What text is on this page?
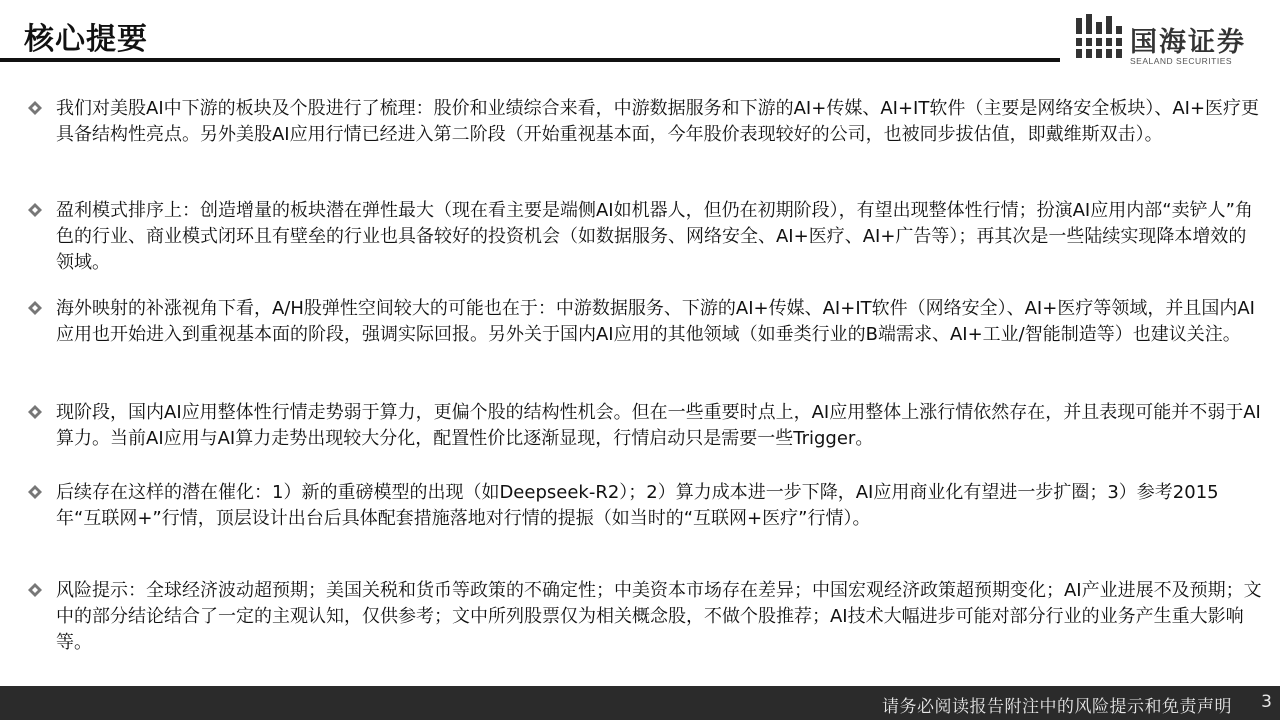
核心提要	国海证券
SEALAND SECURITIES
我们对美股AI中下游的板块及个股进行了梳理：股价和业绩综合来看，中游数据服务和下游的AI+传媒、AI+IT软件（主要是网络安全板块）、AI+医疗更具备结构性亮点。另外美股AI应用行情已经进入第二阶段（开始重视基本面，今年股价表现较好的公司，也被同步拔估值，即戴维斯双击）。
盈利模式排序上：创造增量的板块潜在弹性最大（现在看主要是端侧AI如机器人，但仍在初期阶段），有望出现整体性行情；扮演AI应用内部“卖铲人”角色的行业、商业模式闭环且有壁垒的行业也具备较好的投资机会（如数据服务、网络安全、AI+医疗、AI+广告等）；再其次是一些陆续实现降本增效的领域。
海外映射的补涨视角下看，A/H股弹性空间较大的可能也在于：中游数据服务、下游的AI+传媒、AI+IT软件（网络安全）、AI+医疗等领域，并且国内AI应用也开始进入到重视基本面的阶段，强调实际回报。另外关于国内AI应用的其他领域（如垂类行业的B端需求、AI+工业/智能制造等）也建议关注。
现阶段，国内AI应用整体性行情走势弱于算力，更偏个股的结构性机会。但在一些重要时点上，AI应用整体上涨行情依然存在，并且表现可能并不弱于AI算力。当前AI应用与AI算力走势出现较大分化，配置性价比逐渐显现，行情启动只是需要一些Trigger。
后续存在这样的潜在催化：1）新的重磅模型的出现（如Deepseek-R2）；2）算力成本进一步下降，AI应用商业化有望进一步扩圈；3）参考2015年“互联网+”行情，顶层设计出台后具体配套措施落地对行情的提振（如当时的“互联网+医疗”行情）。
风险提示：全球经济波动超预期；美国关税和货币等政策的不确定性；中美资本市场存在差异；中国宏观经济政策超预期变化；AI产业进展不及预期；文中的部分结论结合了一定的主观认知，仅供参考；文中所列股票仅为相关概念股，不做个股推荐；AI技术大幅进步可能对部分行业的业务产生重大影响等。
请务必阅读报告附注中的风险提示和免责声明 3
